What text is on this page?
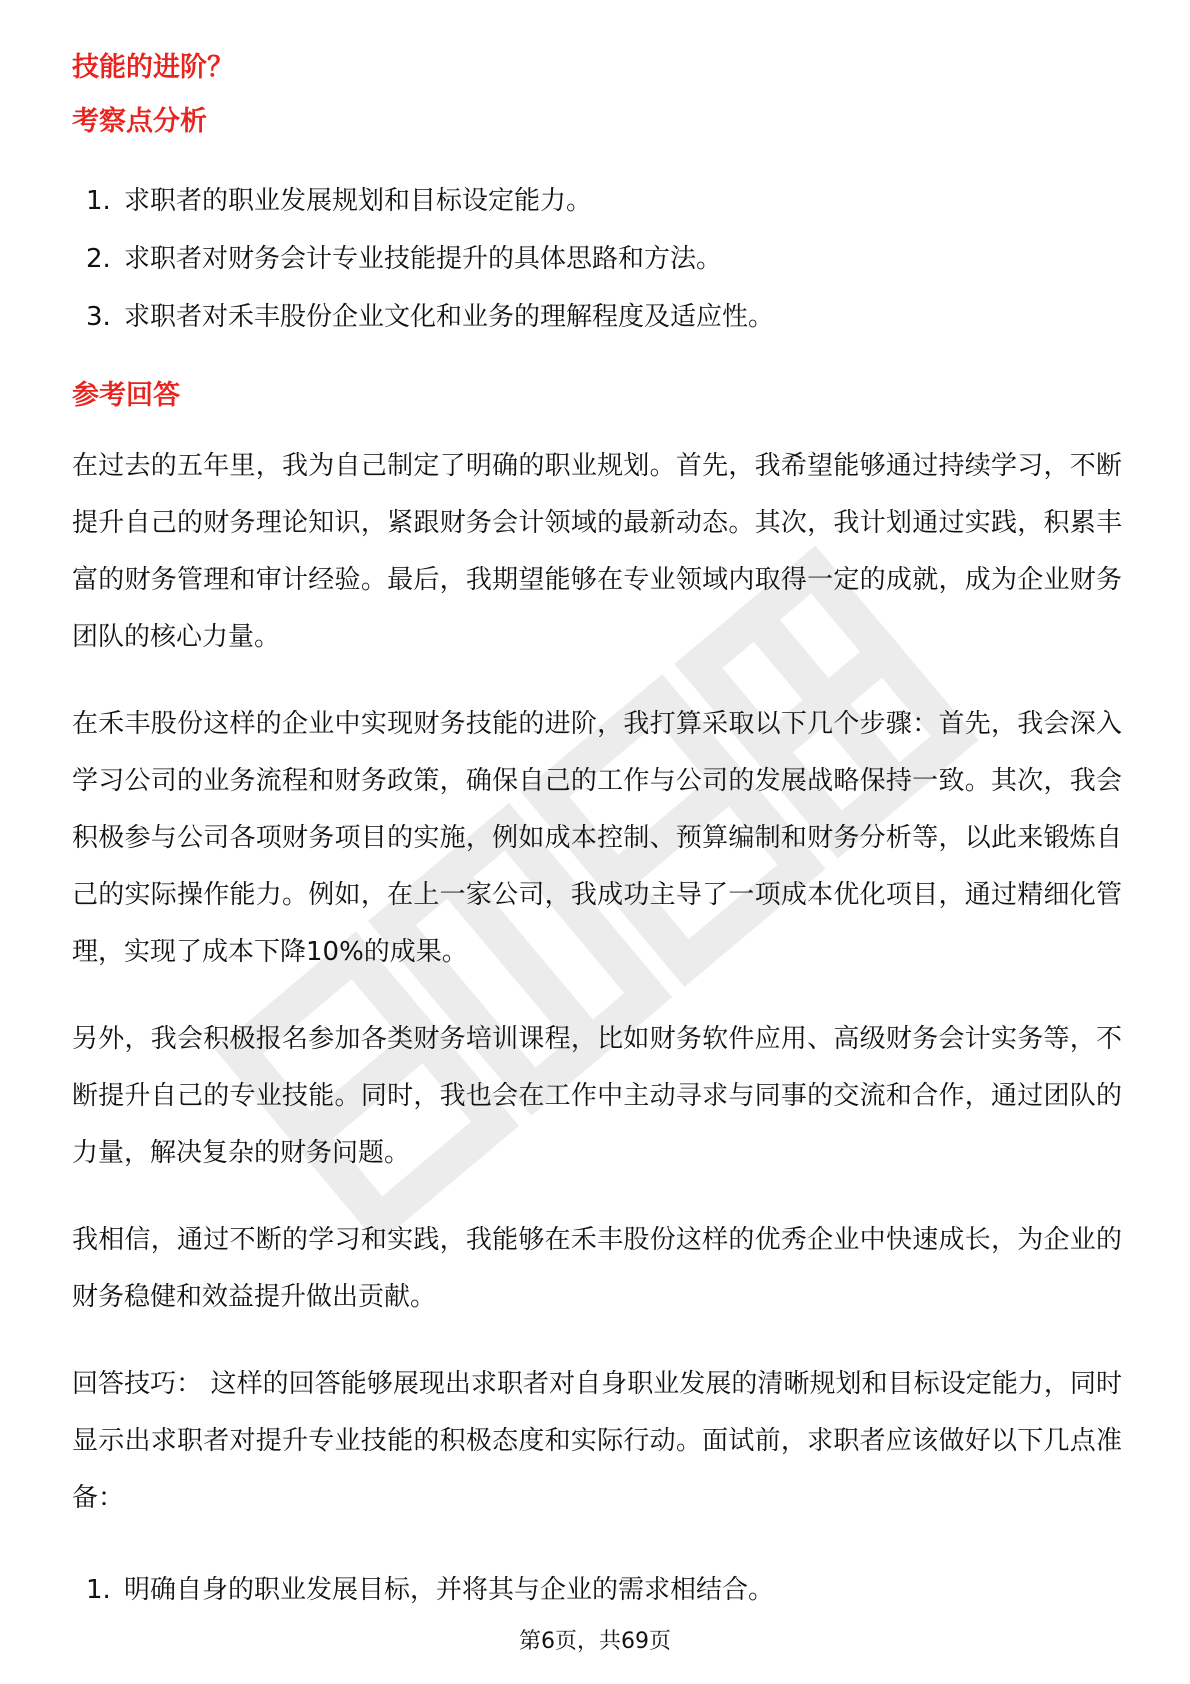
技能的进阶？
考察点分析
1. 求职者的职业发展规划和目标设定能力。
2. 求职者对财务会计专业技能提升的具体思路和方法。
3. 求职者对禾丰股份企业文化和业务的理解程度及适应性。
参考回答

在过去的五年里，我为自己制定了明确的职业规划。首先，我希望能够通过持续学习，不断提升自己的财务理论知识，紧跟财务会计领域的最新动态。其次，我计划通过实践，积累丰富的财务管理和审计经验。最后，我期望能够在专业领域内取得一定的成就，成为企业财务团队的核心力量。

在禾丰股份这样的企业中实现财务技能的进阶，我打算采取以下几个步骤：首先，我会深入学习公司的业务流程和财务政策，确保自己的工作与公司的发展战略保持一致。其次，我会积极参与公司各项财务项目的实施，例如成本控制、预算编制和财务分析等，以此来锻炼自己的实际操作能力。例如，在上一家公司，我成功主导了一项成本优化项目，通过精细化管理，实现了成本下降10%的成果。

另外，我会积极报名参加各类财务培训课程，比如财务软件应用、高级财务会计实务等，不断提升自己的专业技能。同时，我也会在工作中主动寻求与同事的交流和合作，通过团队的力量，解决复杂的财务问题。

我相信，通过不断的学习和实践，我能够在禾丰股份这样的优秀企业中快速成长，为企业的财务稳健和效益提升做出贡献。

回答技巧： 这样的回答能够展现出求职者对自身职业发展的清晰规划和目标设定能力，同时显示出求职者对提升专业技能的积极态度和实际行动。面试前，求职者应该做好以下几点准备：

1. 明确自身的职业发展目标，并将其与企业的需求相结合。
第6页，共69页
